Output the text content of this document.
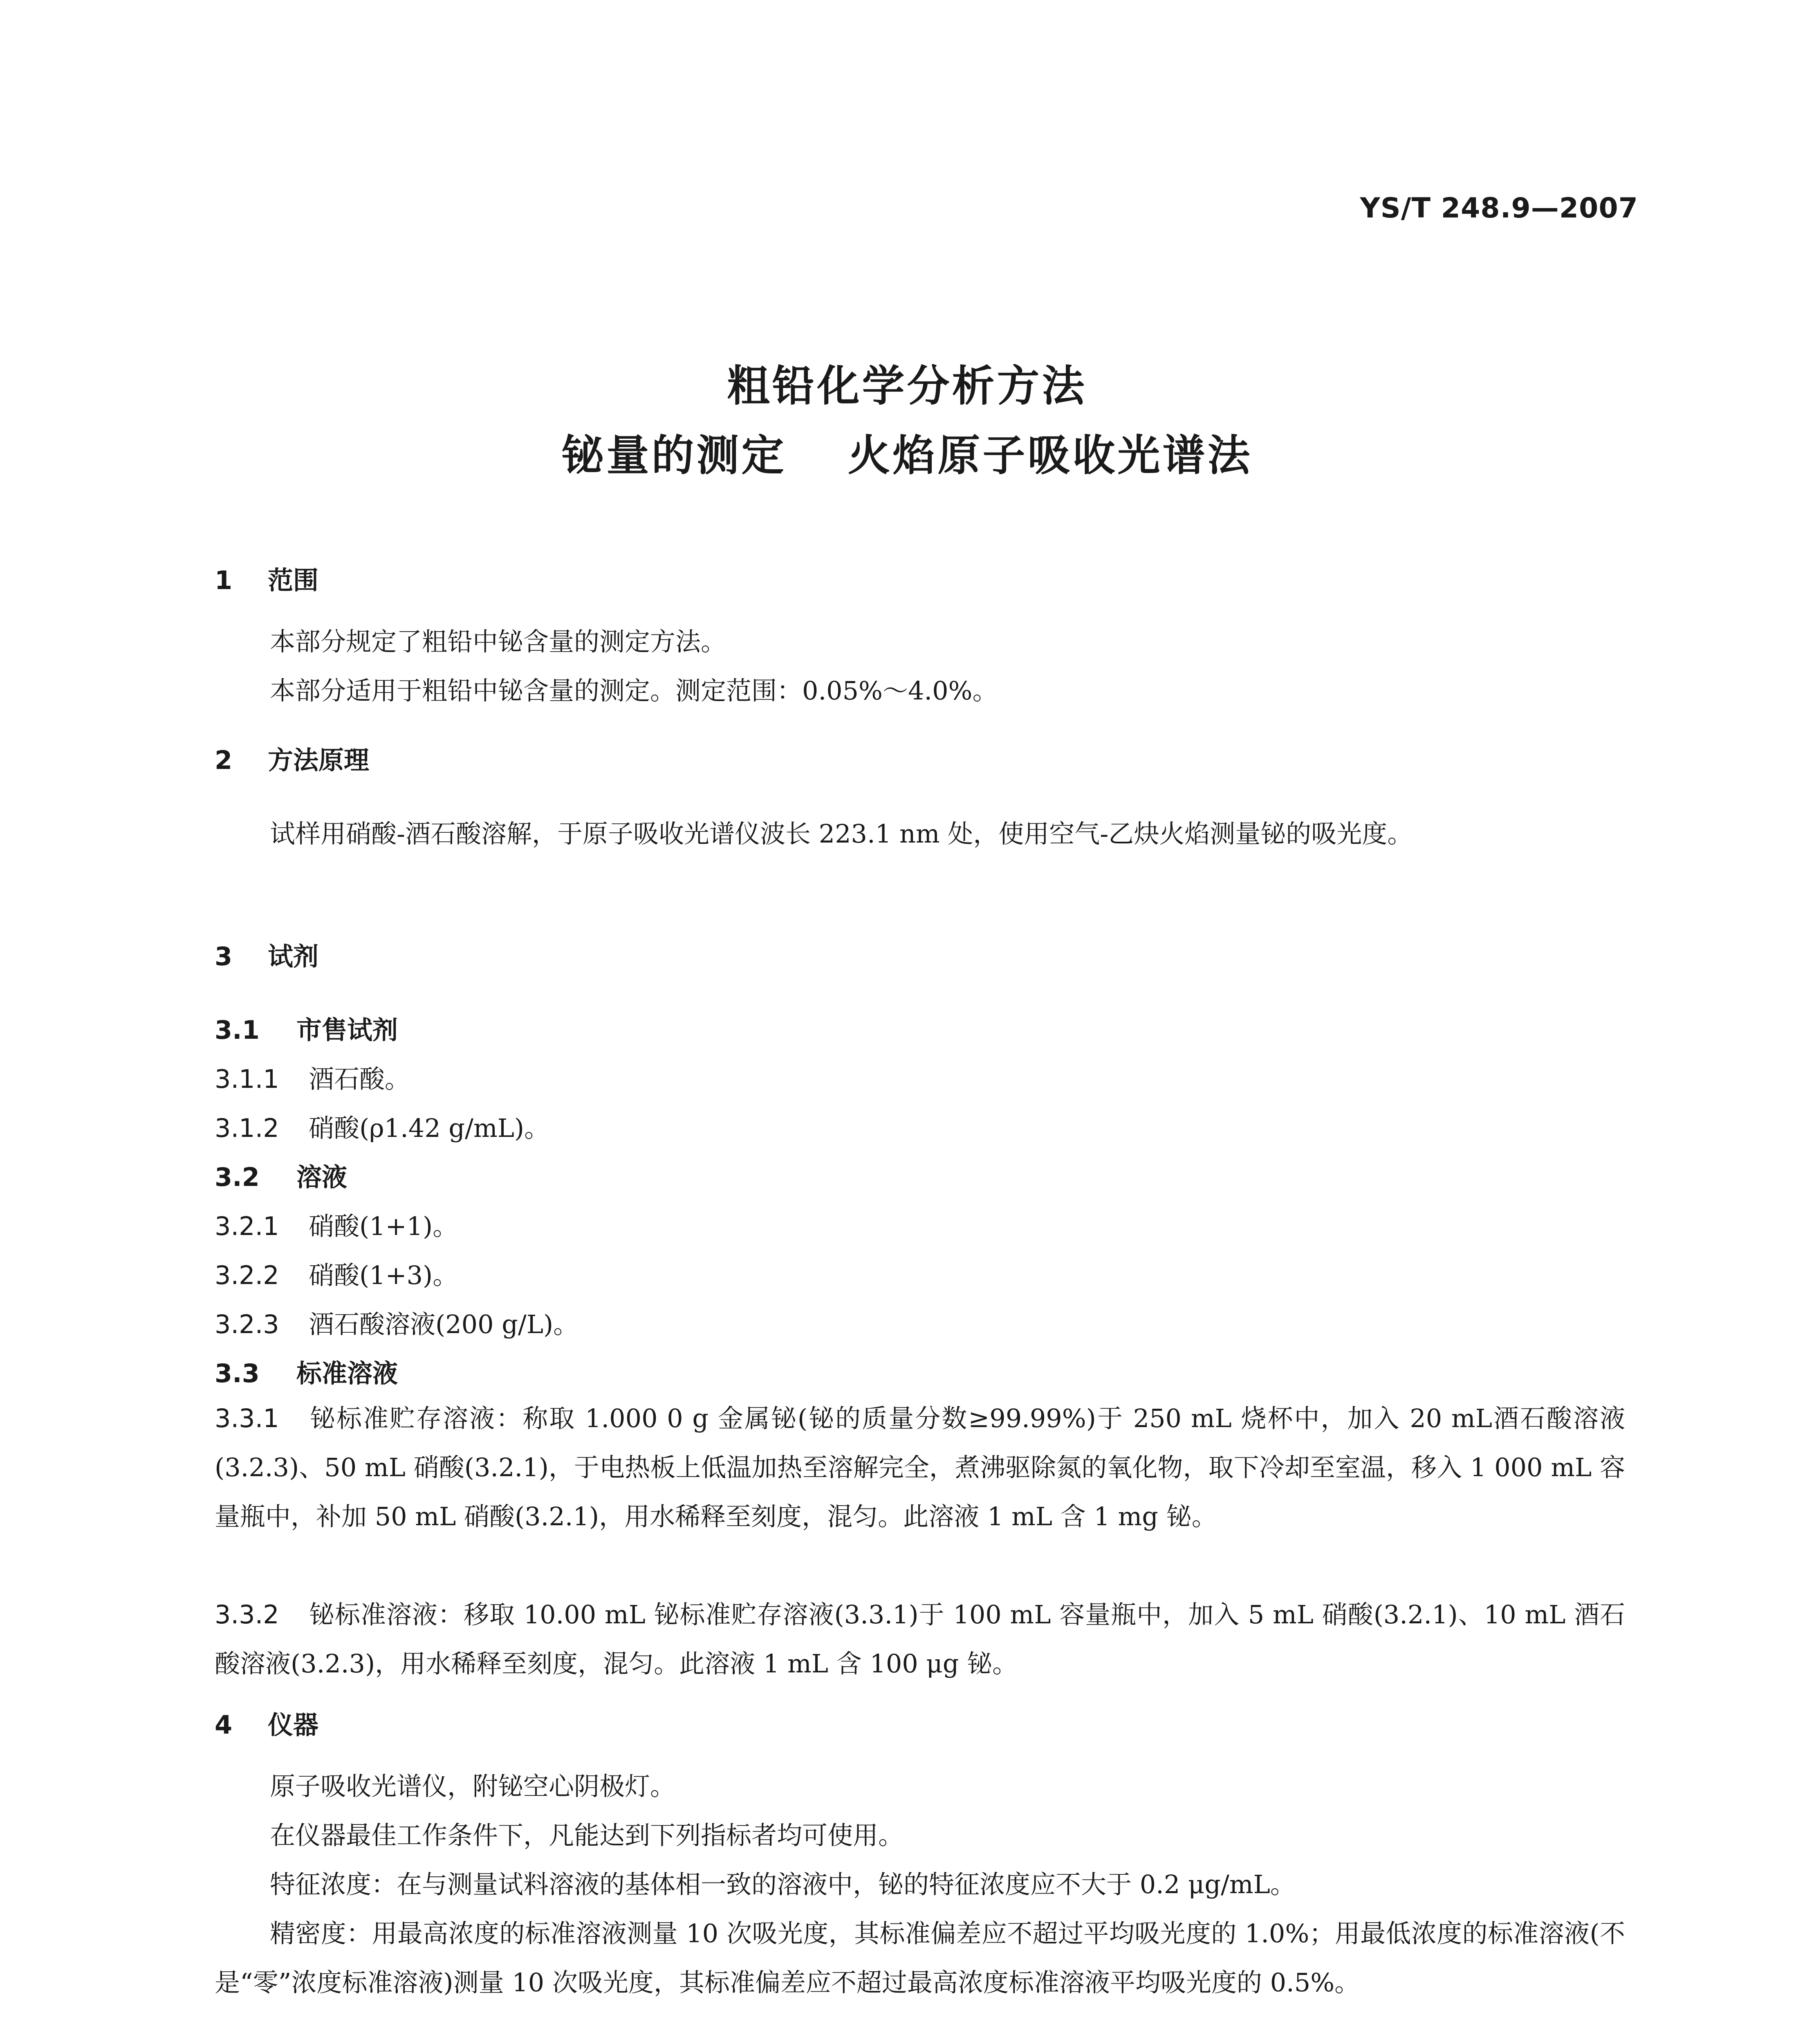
YS/T 248.9—2007
粗铅化学分析方法
铋量的测定 火焰原子吸收光谱法
1 范围
本部分规定了粗铅中铋含量的测定方法。
本部分适用于粗铅中铋含量的测定。测定范围：0.05%～4.0%。
2 方法原理
试样用硝酸-酒石酸溶解，于原子吸收光谱仪波长 223.1 nm 处，使用空气-乙炔火焰测量铋的吸光度。
3 试剂
3.1 市售试剂
3.1.1 酒石酸。
3.1.2 硝酸(ρ1.42 g/mL)。
3.2 溶液
3.2.1 硝酸(1+1)。
3.2.2 硝酸(1+3)。
3.2.3 酒石酸溶液(200 g/L)。
3.3 标准溶液
3.3.1 铋标准贮存溶液：称取 1.000 0 g 金属铋(铋的质量分数≥99.99%)于 250 mL 烧杯中，加入 20 mL酒石酸溶液(3.2.3)、50 mL 硝酸(3.2.1)，于电热板上低温加热至溶解完全，煮沸驱除氮的氧化物，取下冷却至室温，移入 1 000 mL 容量瓶中，补加 50 mL 硝酸(3.2.1)，用水稀释至刻度，混匀。此溶液 1 mL 含 1 mg 铋。
3.3.2 铋标准溶液：移取 10.00 mL 铋标准贮存溶液(3.3.1)于 100 mL 容量瓶中，加入 5 mL 硝酸(3.2.1)、10 mL 酒石酸溶液(3.2.3)，用水稀释至刻度，混匀。此溶液 1 mL 含 100 μg 铋。
4 仪器
原子吸收光谱仪，附铋空心阴极灯。
在仪器最佳工作条件下，凡能达到下列指标者均可使用。
特征浓度：在与测量试料溶液的基体相一致的溶液中，铋的特征浓度应不大于 0.2 μg/mL。
精密度：用最高浓度的标准溶液测量 10 次吸光度，其标准偏差应不超过平均吸光度的 1.0%；用最低浓度的标准溶液(不是“零”浓度标准溶液)测量 10 次吸光度，其标准偏差应不超过最高浓度标准溶液平均吸光度的 0.5%。
